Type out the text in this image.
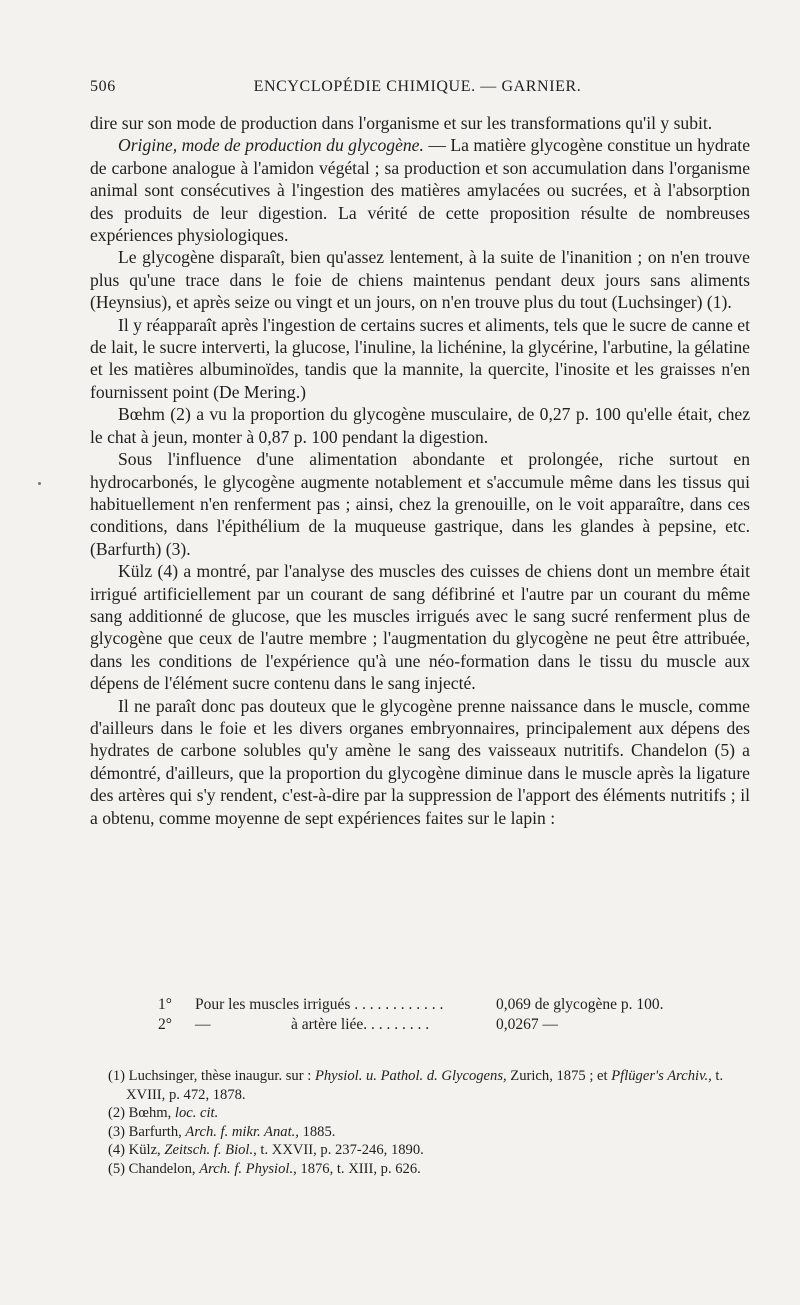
506	ENCYCLOPÉDIE CHIMIQUE. — GARNIER.

dire sur son mode de production dans l'organisme et sur les transformations qu'il y subit.

Origine, mode de production du glycogène. — La matière glycogène constitue un hydrate de carbone analogue à l'amidon végétal ; sa production et son accumulation dans l'organisme animal sont consécutives à l'ingestion des matières amylacées ou sucrées, et à l'absorption des produits de leur digestion. La vérité de cette proposition résulte de nombreuses expériences physiologiques.

Le glycogène disparaît, bien qu'assez lentement, à la suite de l'inanition ; on n'en trouve plus qu'une trace dans le foie de chiens maintenus pendant deux jours sans aliments (Heynsius), et après seize ou vingt et un jours, on n'en trouve plus du tout (Luchsinger) (1).

Il y réapparaît après l'ingestion de certains sucres et aliments, tels que le sucre de canne et de lait, le sucre interverti, la glucose, l'inuline, la lichénine, la glycérine, l'arbutine, la gélatine et les matières albuminoïdes, tandis que la mannite, la quercite, l'inosite et les graisses n'en fournissent point (De Mering.)

Bœhm (2) a vu la proportion du glycogène musculaire, de 0,27 p. 100 qu'elle était, chez le chat à jeun, monter à 0,87 p. 100 pendant la digestion.

Sous l'influence d'une alimentation abondante et prolongée, riche surtout en hydrocarbonés, le glycogène augmente notablement et s'accumule même dans les tissus qui habituellement n'en renferment pas ; ainsi, chez la grenouille, on le voit apparaître, dans ces conditions, dans l'épithélium de la muqueuse gastrique, dans les glandes à pepsine, etc. (Barfurth) (3).

Külz (4) a montré, par l'analyse des muscles des cuisses de chiens dont un membre était irrigué artificiellement par un courant de sang défibriné et l'autre par un courant du même sang additionné de glucose, que les muscles irrigués avec le sang sucré renferment plus de glycogène que ceux de l'autre membre ; l'augmentation du glycogène ne peut être attribuée, dans les conditions de l'expérience qu'à une néo-formation dans le tissu du muscle aux dépens de l'élément sucre contenu dans le sang injecté.

Il ne paraît donc pas douteux que le glycogène prenne naissance dans le muscle, comme d'ailleurs dans le foie et les divers organes embryonnaires, principalement aux dépens des hydrates de carbone solubles qu'y amène le sang des vaisseaux nutritifs. Chandelon (5) a démontré, d'ailleurs, que la proportion du glycogène diminue dans le muscle après la ligature des artères qui s'y rendent, c'est-à-dire par la suppression de l'apport des éléments nutritifs ; il a obtenu, comme moyenne de sept expériences faites sur le lapin :

1° Pour les muscles irrigués . . . . . . . . . . . .	0,069 de glycogène p. 100.
2° —	à artère liée. . . . . . . . .	0,0267 —
(1) Luchsinger, thèse inaugur. sur : Physiol. u. Pathol. d. Glycogens, Zurich, 1875 ; et Pflüger's Archiv., t. XVIII, p. 472, 1878.
(2) Bœhm, loc. cit.
(3) Barfurth, Arch. f. mikr. Anat., 1885.
(4) Külz, Zeitsch. f. Biol., t. XXVII, p. 237-246, 1890.
(5) Chandelon, Arch. f. Physiol., 1876, t. XIII, p. 626.
